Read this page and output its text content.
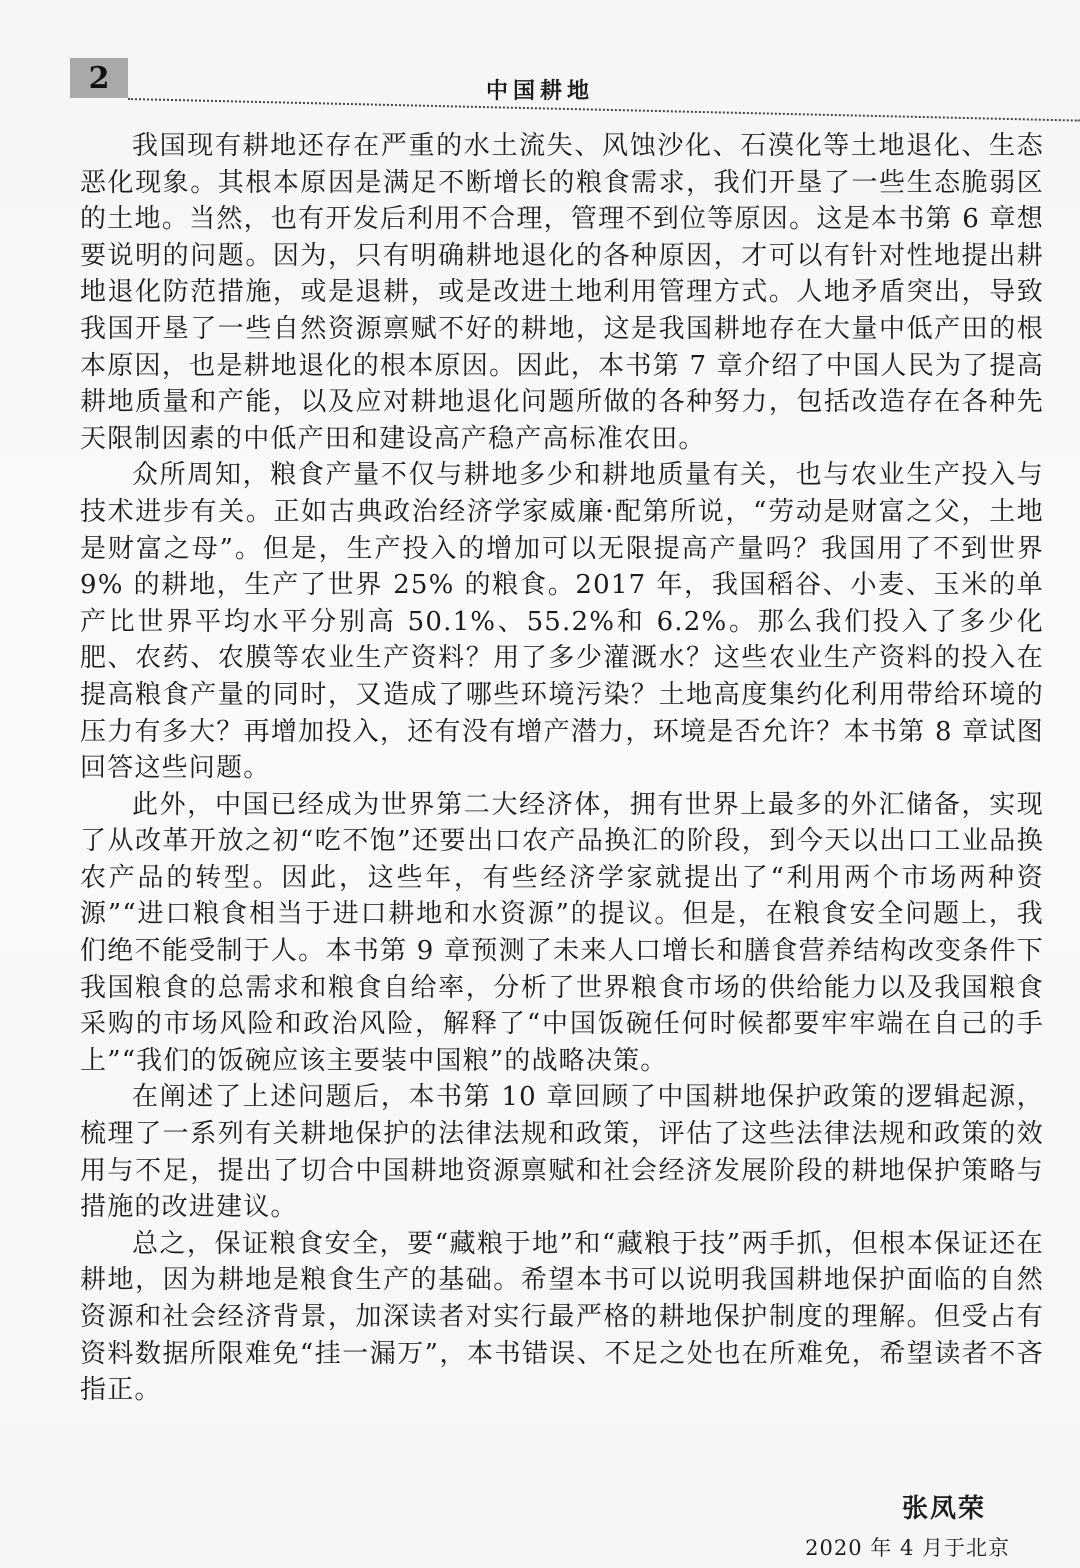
2	中国耕地

我国现有耕地还存在严重的水土流失、风蚀沙化、石漠化等土地退化、生态恶化现象。其根本原因是满足不断增长的粮食需求，我们开垦了一些生态脆弱区的土地。当然，也有开发后利用不合理，管理不到位等原因。这是本书第 6 章想要说明的问题。因为，只有明确耕地退化的各种原因，才可以有针对性地提出耕地退化防范措施，或是退耕，或是改进土地利用管理方式。人地矛盾突出，导致我国开垦了一些自然资源禀赋不好的耕地，这是我国耕地存在大量中低产田的根本原因，也是耕地退化的根本原因。因此，本书第 7 章介绍了中国人民为了提高耕地质量和产能，以及应对耕地退化问题所做的各种努力，包括改造存在各种先天限制因素的中低产田和建设高产稳产高标准农田。

众所周知，粮食产量不仅与耕地多少和耕地质量有关，也与农业生产投入与技术进步有关。正如古典政治经济学家威廉·配第所说，“劳动是财富之父，土地是财富之母”。但是，生产投入的增加可以无限提高产量吗？我国用了不到世界 9% 的耕地，生产了世界 25% 的粮食。2017 年，我国稻谷、小麦、玉米的单产比世界平均水平分别高 50.1%、55.2%和 6.2%。那么我们投入了多少化肥、农药、农膜等农业生产资料？用了多少灌溉水？这些农业生产资料的投入在提高粮食产量的同时，又造成了哪些环境污染？土地高度集约化利用带给环境的压力有多大？再增加投入，还有没有增产潜力，环境是否允许？本书第 8 章试图回答这些问题。

此外，中国已经成为世界第二大经济体，拥有世界上最多的外汇储备，实现了从改革开放之初“吃不饱”还要出口农产品换汇的阶段，到今天以出口工业品换农产品的转型。因此，这些年，有些经济学家就提出了“利用两个市场两种资源”“进口粮食相当于进口耕地和水资源”的提议。但是，在粮食安全问题上，我们绝不能受制于人。本书第 9 章预测了未来人口增长和膳食营养结构改变条件下我国粮食的总需求和粮食自给率，分析了世界粮食市场的供给能力以及我国粮食采购的市场风险和政治风险，解释了“中国饭碗任何时候都要牢牢端在自己的手上”“我们的饭碗应该主要装中国粮”的战略决策。

在阐述了上述问题后，本书第 10 章回顾了中国耕地保护政策的逻辑起源，梳理了一系列有关耕地保护的法律法规和政策，评估了这些法律法规和政策的效用与不足，提出了切合中国耕地资源禀赋和社会经济发展阶段的耕地保护策略与措施的改进建议。

总之，保证粮食安全，要“藏粮于地”和“藏粮于技”两手抓，但根本保证还在耕地，因为耕地是粮食生产的基础。希望本书可以说明我国耕地保护面临的自然资源和社会经济背景，加深读者对实行最严格的耕地保护制度的理解。但受占有资料数据所限难免“挂一漏万”，本书错误、不足之处也在所难免，希望读者不吝指正。

张凤荣
2020 年 4 月于北京
